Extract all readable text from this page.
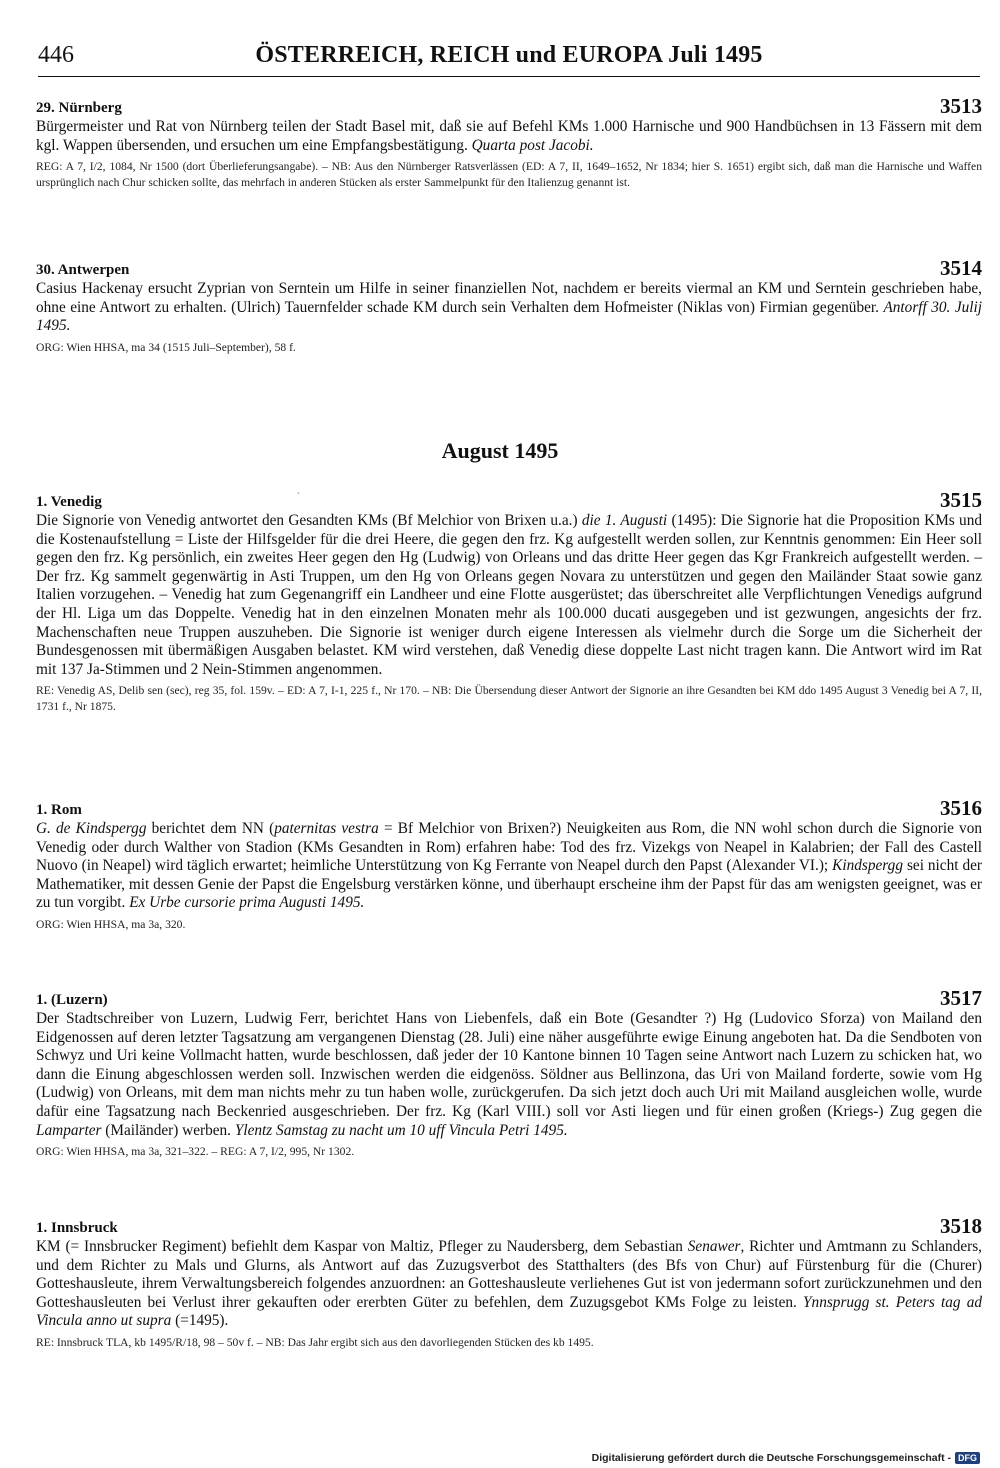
446	ÖSTERREICH, REICH und EUROPA Juli 1495
29. Nürnberg	3513

Bürgermeister und Rat von Nürnberg teilen der Stadt Basel mit, daß sie auf Befehl KMs 1.000 Harnische und 900 Handbüchsen in 13 Fässern mit dem kgl. Wappen übersenden, und ersuchen um eine Empfangsbestätigung. Quarta post Jacobi.

REG: A 7, I/2, 1084, Nr 1500 (dort Überlieferungsangabe). – NB: Aus den Nürnberger Ratsverlässen (ED: A 7, II, 1649–1652, Nr 1834; hier S. 1651) ergibt sich, daß man die Harnische und Waffen ursprünglich nach Chur schicken sollte, das mehrfach in anderen Stücken als erster Sammelpunkt für den Italienzug genannt ist.

30. Antwerpen	3514

Casius Hackenay ersucht Zyprian von Serntein um Hilfe in seiner finanziellen Not, nachdem er bereits viermal an KM und Serntein geschrieben habe, ohne eine Antwort zu erhalten. (Ulrich) Tauernfelder schade KM durch sein Verhalten dem Hofmeister (Niklas von) Firmian gegenüber. Antorff 30. Julij 1495.

ORG: Wien HHSA, ma 34 (1515 Juli–September), 58 f.

August 1495
`
1. Venedig	3515

Die Signorie von Venedig antwortet den Gesandten KMs (Bf Melchior von Brixen u.a.) die 1. Augusti (1495): Die Signorie hat die Proposition KMs und die Kostenaufstellung = Liste der Hilfsgelder für die drei Heere, die gegen den frz. Kg aufgestellt werden sollen, zur Kenntnis genommen: Ein Heer soll gegen den frz. Kg persönlich, ein zweites Heer gegen den Hg (Ludwig) von Orleans und das dritte Heer gegen das Kgr Frankreich aufgestellt werden. – Der frz. Kg sammelt gegenwärtig in Asti Truppen, um den Hg von Orleans gegen Novara zu unterstützen und gegen den Mailänder Staat sowie ganz Italien vorzugehen. – Venedig hat zum Gegenangriff ein Landheer und eine Flotte ausgerüstet; das überschreitet alle Verpflichtungen Venedigs aufgrund der Hl. Liga um das Doppelte. Venedig hat in den einzelnen Monaten mehr als 100.000 ducati ausgegeben und ist gezwungen, angesichts der frz. Machenschaften neue Truppen auszuheben. Die Signorie ist weniger durch eigene Interessen als vielmehr durch die Sorge um die Sicherheit der Bundesgenossen mit übermäßigen Ausgaben belastet. KM wird verstehen, daß Venedig diese doppelte Last nicht tragen kann. Die Antwort wird im Rat mit 137 Ja-Stimmen und 2 Nein-Stimmen angenommen.

RE: Venedig AS, Delib sen (sec), reg 35, fol. 159v. – ED: A 7, I-1, 225 f., Nr 170. – NB: Die Übersendung dieser Antwort der Signorie an ihre Gesandten bei KM ddo 1495 August 3 Venedig bei A 7, II, 1731 f., Nr 1875.

1. Rom	3516

G. de Kindspergg berichtet dem NN (paternitas vestra = Bf Melchior von Brixen?) Neuigkeiten aus Rom, die NN wohl schon durch die Signorie von Venedig oder durch Walther von Stadion (KMs Gesandten in Rom) erfahren habe: Tod des frz. Vizekgs von Neapel in Kalabrien; der Fall des Castell Nuovo (in Neapel) wird täglich erwartet; heimliche Unterstützung von Kg Ferrante von Neapel durch den Papst (Alexander VI.); Kindspergg sei nicht der Mathematiker, mit dessen Genie der Papst die Engelsburg verstärken könne, und überhaupt erscheine ihm der Papst für das am wenigsten geeignet, was er zu tun vorgibt. Ex Urbe cursorie prima Augusti 1495.

ORG: Wien HHSA, ma 3a, 320.

1. (Luzern)	3517

Der Stadtschreiber von Luzern, Ludwig Ferr, berichtet Hans von Liebenfels, daß ein Bote (Gesandter ?) Hg (Ludovico Sforza) von Mailand den Eidgenossen auf deren letzter Tagsatzung am vergangenen Dienstag (28. Juli) eine näher ausgeführte ewige Einung angeboten hat. Da die Sendboten von Schwyz und Uri keine Vollmacht hatten, wurde beschlossen, daß jeder der 10 Kantone binnen 10 Tagen seine Antwort nach Luzern zu schicken hat, wo dann die Einung abgeschlossen werden soll. Inzwischen werden die eidgenöss. Söldner aus Bellinzona, das Uri von Mailand forderte, sowie vom Hg (Ludwig) von Orleans, mit dem man nichts mehr zu tun haben wolle, zurückgerufen. Da sich jetzt doch auch Uri mit Mailand ausgleichen wolle, wurde dafür eine Tagsatzung nach Beckenried ausgeschrieben. Der frz. Kg (Karl VIII.) soll vor Asti liegen und für einen großen (Kriegs-) Zug gegen die Lamparter (Mailänder) werben. Ylentz Samstag zu nacht um 10 uff Vincula Petri 1495.

ORG: Wien HHSA, ma 3a, 321–322. – REG: A 7, I/2, 995, Nr 1302.

1. Innsbruck	3518

KM (= Innsbrucker Regiment) befiehlt dem Kaspar von Maltiz, Pfleger zu Naudersberg, dem Sebastian Senawer, Richter und Amtmann zu Schlanders, und dem Richter zu Mals und Glurns, als Antwort auf das Zuzugsverbot des Statthalters (des Bfs von Chur) auf Fürstenburg für die (Churer) Gotteshausleute, ihrem Verwaltungsbereich folgendes anzuordnen: an Gotteshausleute verliehenes Gut ist von jedermann sofort zurückzunehmen und den Gotteshausleuten bei Verlust ihrer gekauften oder ererbten Güter zu befehlen, dem Zuzugsgebot KMs Folge zu leisten. Ynnsprugg st. Peters tag ad Vincula anno ut supra (=1495).

RE: Innsbruck TLA, kb 1495/R/18, 98 – 50v f. – NB: Das Jahr ergibt sich aus den davorliegenden Stücken des kb 1495.

Digitalisierung gefördert durch die Deutsche Forschungsgemeinschaft - DFG
